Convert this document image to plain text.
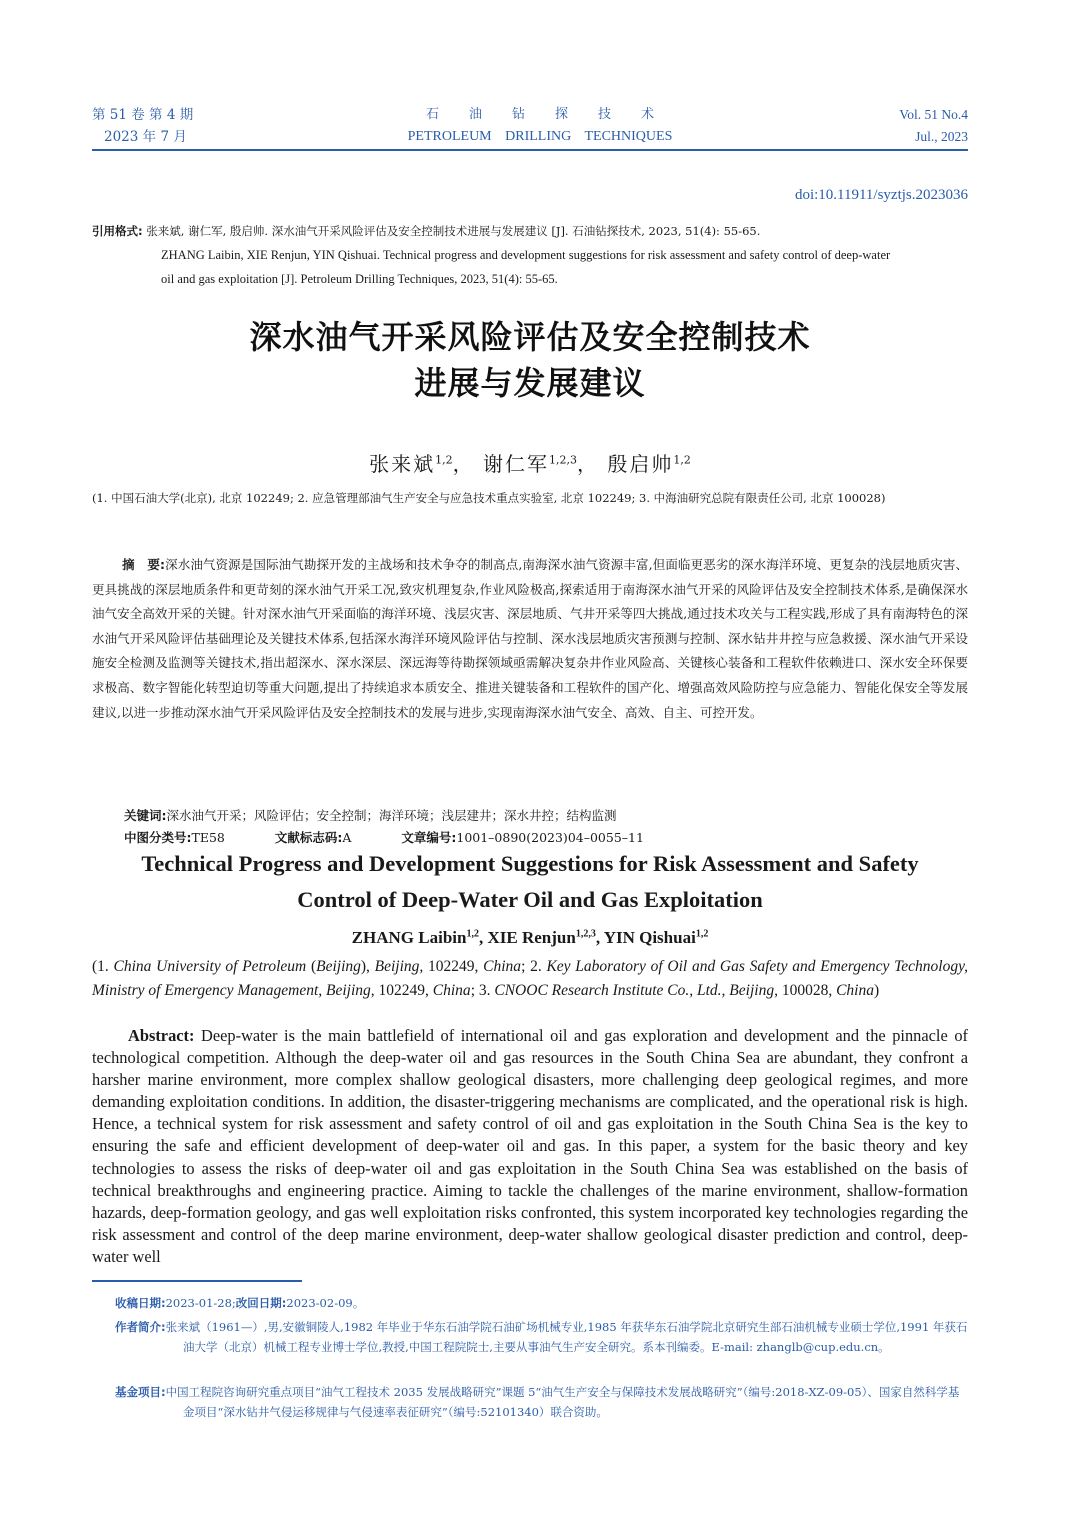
第 51 卷 第 4 期
2023 年 7 月
石油钻探技术
PETROLEUM DRILLING TECHNIQUES
Vol. 51 No.4
Jul., 2023
doi:10.11911/syztjs.2023036
引用格式: 张来斌, 谢仁军, 殷启帅. 深水油气开采风险评估及安全控制技术进展与发展建议 [J]. 石油钻探技术, 2023, 51(4): 55-65.
ZHANG Laibin, XIE Renjun, YIN Qishuai. Technical progress and development suggestions for risk assessment and safety control of deep-water
oil and gas exploitation [J]. Petroleum Drilling Techniques, 2023, 51(4): 55-65.
深水油气开采风险评估及安全控制技术
进展与发展建议
张来斌$^{1,2}$， 谢仁军$^{1,2,3}$， 殷启帅$^{1,2}$
(1. 中国石油大学(北京), 北京 102249; 2. 应急管理部油气生产安全与应急技术重点实验室, 北京 102249; 3. 中海油研究总院有限责任公司, 北京 100028)
摘　要:深水油气资源是国际油气勘探开发的主战场和技术争夺的制高点,南海深水油气资源丰富,但面临更恶劣的深水海洋环境、更复杂的浅层地质灾害、更具挑战的深层地质条件和更苛刻的深水油气开采工况,致灾机理复杂,作业风险极高,探索适用于南海深水油气开采的风险评估及安全控制技术体系,是确保深水油气安全高效开采的关键。针对深水油气开采面临的海洋环境、浅层灾害、深层地质、气井开采等四大挑战,通过技术攻关与工程实践,形成了具有南海特色的深水油气开采风险评估基础理论及关键技术体系,包括深水海洋环境风险评估与控制、深水浅层地质灾害预测与控制、深水钻井井控与应急救援、深水油气开采设施安全检测及监测等关键技术,指出超深水、深水深层、深远海等待勘探领域亟需解决复杂井作业风险高、关键核心装备和工程软件依赖进口、深水安全环保要求极高、数字智能化转型迫切等重大问题,提出了持续追求本质安全、推进关键装备和工程软件的国产化、增强高效风险防控与应急能力、智能化保安全等发展建议,以进一步推动深水油气开采风险评估及安全控制技术的发展与进步,实现南海深水油气安全、高效、自主、可控开发。
关键词:深水油气开采；风险评估；安全控制；海洋环境；浅层建井；深水井控；结构监测
中图分类号:TE58	文献标志码:A	文章编号:1001–0890(2023)04–0055–11
Technical Progress and Development Suggestions for Risk Assessment and Safety
Control of Deep-Water Oil and Gas Exploitation
ZHANG Laibin$^{1,2}$, XIE Renjun$^{1,2,3}$, YIN Qishuai$^{1,2}$
(1. China University of Petroleum (Beijing), Beijing, 102249, China; 2. Key Laboratory of Oil and Gas Safety and Emergency Technology, Ministry of Emergency Management, Beijing, 102249, China; 3. CNOOC Research Institute Co., Ltd., Beijing, 100028, China)
Abstract: Deep-water is the main battlefield of international oil and gas exploration and development and the pinnacle of technological competition. Although the deep-water oil and gas resources in the South China Sea are abundant, they confront a harsher marine environment, more complex shallow geological disasters, more challenging deep geological regimes, and more demanding exploitation conditions. In addition, the disaster-triggering mechanisms are complicated, and the operational risk is high. Hence, a technical system for risk assessment and safety control of oil and gas exploitation in the South China Sea is the key to ensuring the safe and efficient development of deep-water oil and gas. In this paper, a system for the basic theory and key technologies to assess the risks of deep-water oil and gas exploitation in the South China Sea was established on the basis of technical breakthroughs and engineering practice. Aiming to tackle the challenges of the marine environment, shallow-formation hazards, deep-formation geology, and gas well exploitation risks confronted, this system incorporated key technologies regarding the risk assessment and control of the deep marine environment, deep-water shallow geological disaster prediction and control, deep-water well
收稿日期:2023-01-28;改回日期:2023-02-09。
作者简介:张来斌（1961—）,男,安徽铜陵人,1982 年毕业于华东石油学院石油矿场机械专业,1985 年获华东石油学院北京研究生部石油机械专业硕士学位,1991 年获石油大学（北京）机械工程专业博士学位,教授,中国工程院院士,主要从事油气生产安全研究。系本刊编委。E-mail: zhanglb@cup.edu.cn。
基金项目:中国工程院咨询研究重点项目“油气工程技术 2035 发展战略研究”课题 5“油气生产安全与保障技术发展战略研究”（编号:2018-XZ-09-05）、国家自然科学基金项目“深水钻井气侵运移规律与气侵速率表征研究”（编号:52101340）联合资助。
